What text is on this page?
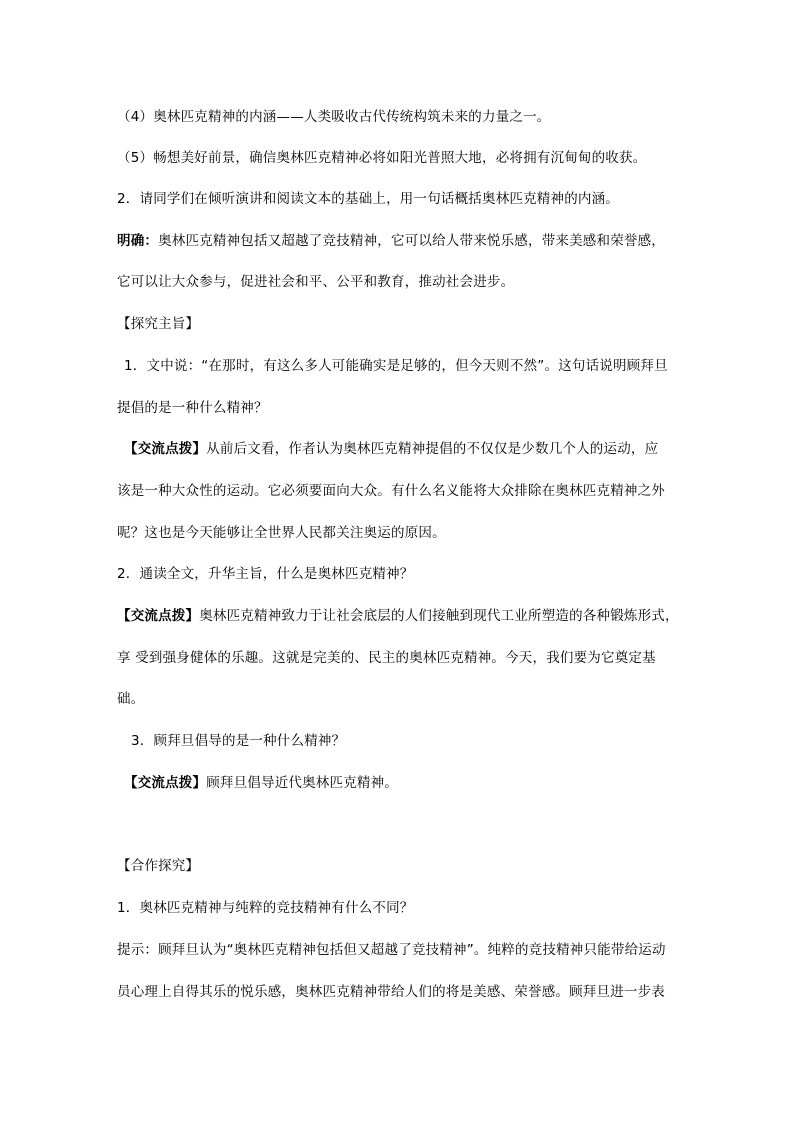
（4）奥林匹克精神的内涵——人类吸收古代传统构筑未来的力量之一。
（5）畅想美好前景，确信奥林匹克精神必将如阳光普照大地，必将拥有沉甸甸的收获。
2．请同学们在倾听演讲和阅读文本的基础上，用一句话概括奥林匹克精神的内涵。
明确：奥林匹克精神包括又超越了竞技精神，它可以给人带来悦乐感，带来美感和荣誉感，
它可以让大众参与，促进社会和平、公平和教育，推动社会进步。
【探究主旨】
1．文中说：“在那时，有这么多人可能确实是足够的，但今天则不然”。这句话说明顾拜旦
提倡的是一种什么精神？
【交流点拨】从前后文看，作者认为奥林匹克精神提倡的不仅仅是少数几个人的运动，应
该是一种大众性的运动。它必须要面向大众。有什么名义能将大众排除在奥林匹克精神之外
呢？这也是今天能够让全世界人民都关注奥运的原因。
2．通读全文，升华主旨，什么是奥林匹克精神？
【交流点拨】奥林匹克精神致力于让社会底层的人们接触到现代工业所塑造的各种锻炼形式，
享 受到强身健体的乐趣。这就是完美的、民主的奥林匹克精神。今天，我们要为它奠定基
础。
3．顾拜旦倡导的是一种什么精神？
【交流点拨】顾拜旦倡导近代奥林匹克精神。
【合作探究】
1．奥林匹克精神与纯粹的竞技精神有什么不同？
提示：顾拜旦认为“奥林匹克精神包括但又超越了竞技精神”。纯粹的竞技精神只能带给运动
员心理上自得其乐的悦乐感，奥林匹克精神带给人们的将是美感、荣誉感。顾拜旦进一步表
